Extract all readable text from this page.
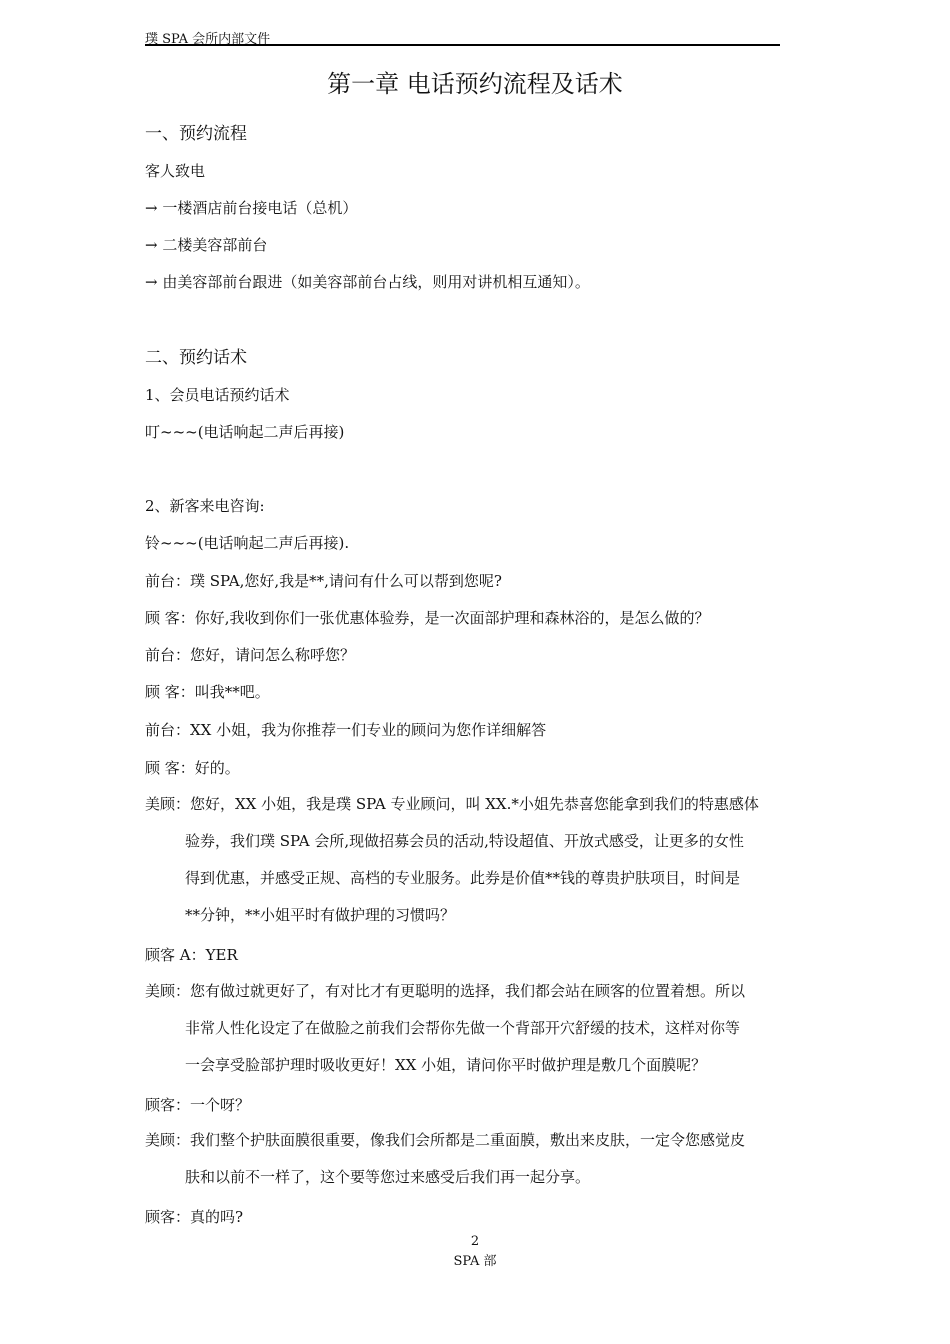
璞 SPA 会所内部文件
第一章 电话预约流程及话术
一、预约流程
客人致电
→ 一楼酒店前台接电话（总机）
→ 二楼美容部前台
→ 由美容部前台跟进（如美容部前台占线，则用对讲机相互通知）。
二、预约话术
1、会员电话预约话术
叮~~~(电话响起二声后再接)
2、新客来电咨询:
铃~~~(电话响起二声后再接).
前台：璞 SPA,您好,我是**,请问有什么可以帮到您呢?
顾 客：你好,我收到你们一张优惠体验券，是一次面部护理和森林浴的，是怎么做的？
前台：您好，请问怎么称呼您？
顾 客：叫我**吧。
前台：XX 小姐，我为你推荐一们专业的顾问为您作详细解答
顾 客：好的。
美顾：您好，XX 小姐，我是璞 SPA 专业顾问，叫 XX.*小姐先恭喜您能拿到我们的特惠感体
验券，我们璞 SPA 会所,现做招募会员的活动,特设超值、开放式感受，让更多的女性
得到优惠，并感受正规、高档的专业服务。此券是价值**钱的尊贵护肤项目，时间是
**分钟，**小姐平时有做护理的习惯吗？
顾客 A：YER
美顾：您有做过就更好了，有对比才有更聪明的选择，我们都会站在顾客的位置着想。所以
非常人性化设定了在做脸之前我们会帮你先做一个背部开穴舒缓的技术，这样对你等
一会享受脸部护理时吸收更好！XX 小姐，请问你平时做护理是敷几个面膜呢？
顾客：一个呀？
美顾：我们整个护肤面膜很重要，像我们会所都是二重面膜，敷出来皮肤，一定令您感觉皮
肤和以前不一样了，这个要等您过来感受后我们再一起分享。
顾客：真的吗?
2
SPA 部
